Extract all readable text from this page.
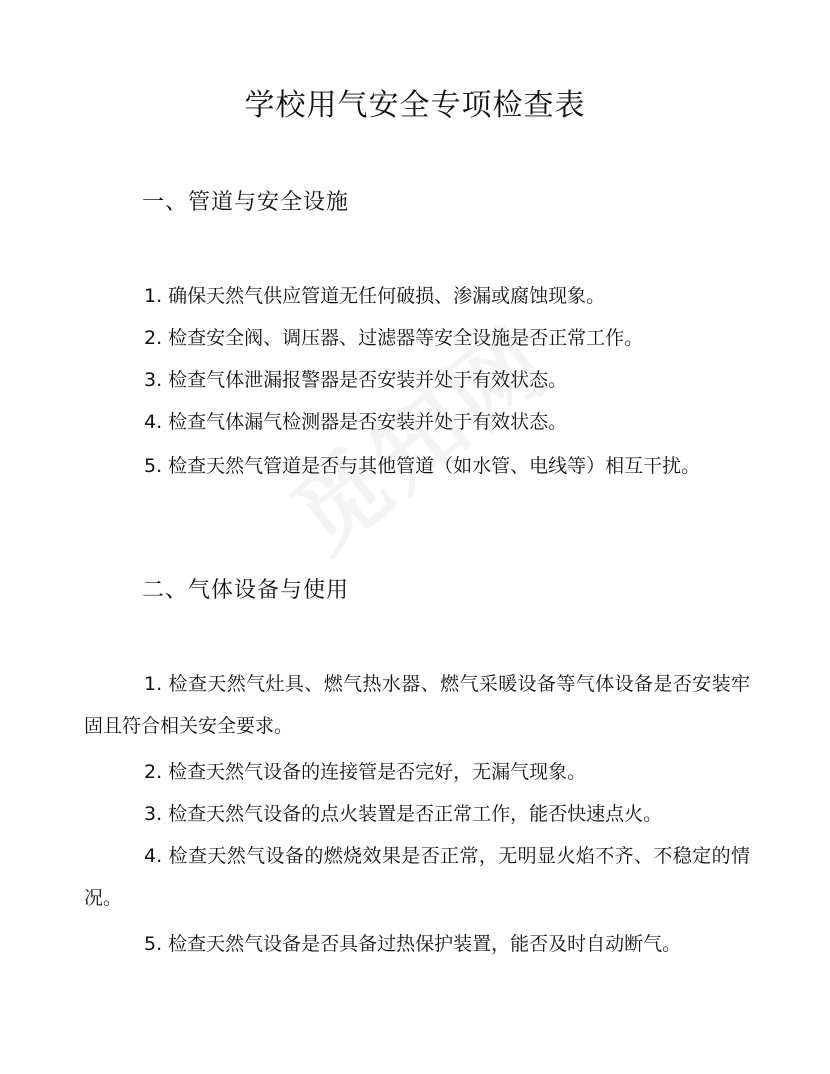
学校用气安全专项检查表
一、管道与安全设施

1. 确保天然气供应管道无任何破损、渗漏或腐蚀现象。

2. 检查安全阀、调压器、过滤器等安全设施是否正常工作。

3. 检查气体泄漏报警器是否安装并处于有效状态。

4. 检查气体漏气检测器是否安装并处于有效状态。

5. 检查天然气管道是否与其他管道（如水管、电线等）相互干扰。

二、气体设备与使用

1. 检查天然气灶具、燃气热水器、燃气采暖设备等气体设备是否安装牢固且符合相关安全要求。

2. 检查天然气设备的连接管是否完好，无漏气现象。

3. 检查天然气设备的点火装置是否正常工作，能否快速点火。

4. 检查天然气设备的燃烧效果是否正常，无明显火焰不齐、不稳定的情况。

5. 检查天然气设备是否具备过热保护装置，能否及时自动断气。
